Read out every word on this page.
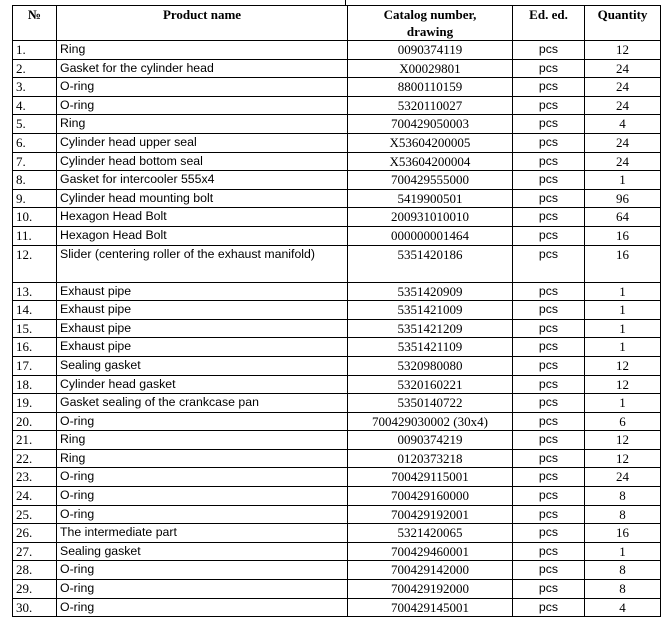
№	Product name	Catalog number,
drawing	Ed. ed.	Quantity
1.	Ring	0090374119	pcs	12
2.	Gasket for the cylinder head	X00029801	pcs	24
3.	O-ring	8800110159	pcs	24
4.	O-ring	5320110027	pcs	24
5.	Ring	700429050003	pcs	4
6.	Cylinder head upper seal	X53604200005	pcs	24
7.	Cylinder head bottom seal	X53604200004	pcs	24
8.	Gasket for intercooler 555x4	700429555000	pcs	1
9.	Cylinder head mounting bolt	5419900501	pcs	96
10.	Hexagon Head Bolt	200931010010	pcs	64
11.	Hexagon Head Bolt	000000001464	pcs	16
12.	Slider (centering roller of the exhaust manifold)	5351420186	pcs	16
13.	Exhaust pipe	5351420909	pcs	1
14.	Exhaust pipe	5351421009	pcs	1
15.	Exhaust pipe	5351421209	pcs	1
16.	Exhaust pipe	5351421109	pcs	1
17.	Sealing gasket	5320980080	pcs	12
18.	Cylinder head gasket	5320160221	pcs	12
19.	Gasket sealing of the crankcase pan	5350140722	pcs	1
20.	O-ring	700429030002 (30x4)	pcs	6
21.	Ring	0090374219	pcs	12
22.	Ring	0120373218	pcs	12
23.	O-ring	700429115001	pcs	24
24.	O-ring	700429160000	pcs	8
25.	O-ring	700429192001	pcs	8
26.	The intermediate part	5321420065	pcs	16
27.	Sealing gasket	700429460001	pcs	1
28.	O-ring	700429142000	pcs	8
29.	O-ring	700429192000	pcs	8
30.	O-ring	700429145001	pcs	4
